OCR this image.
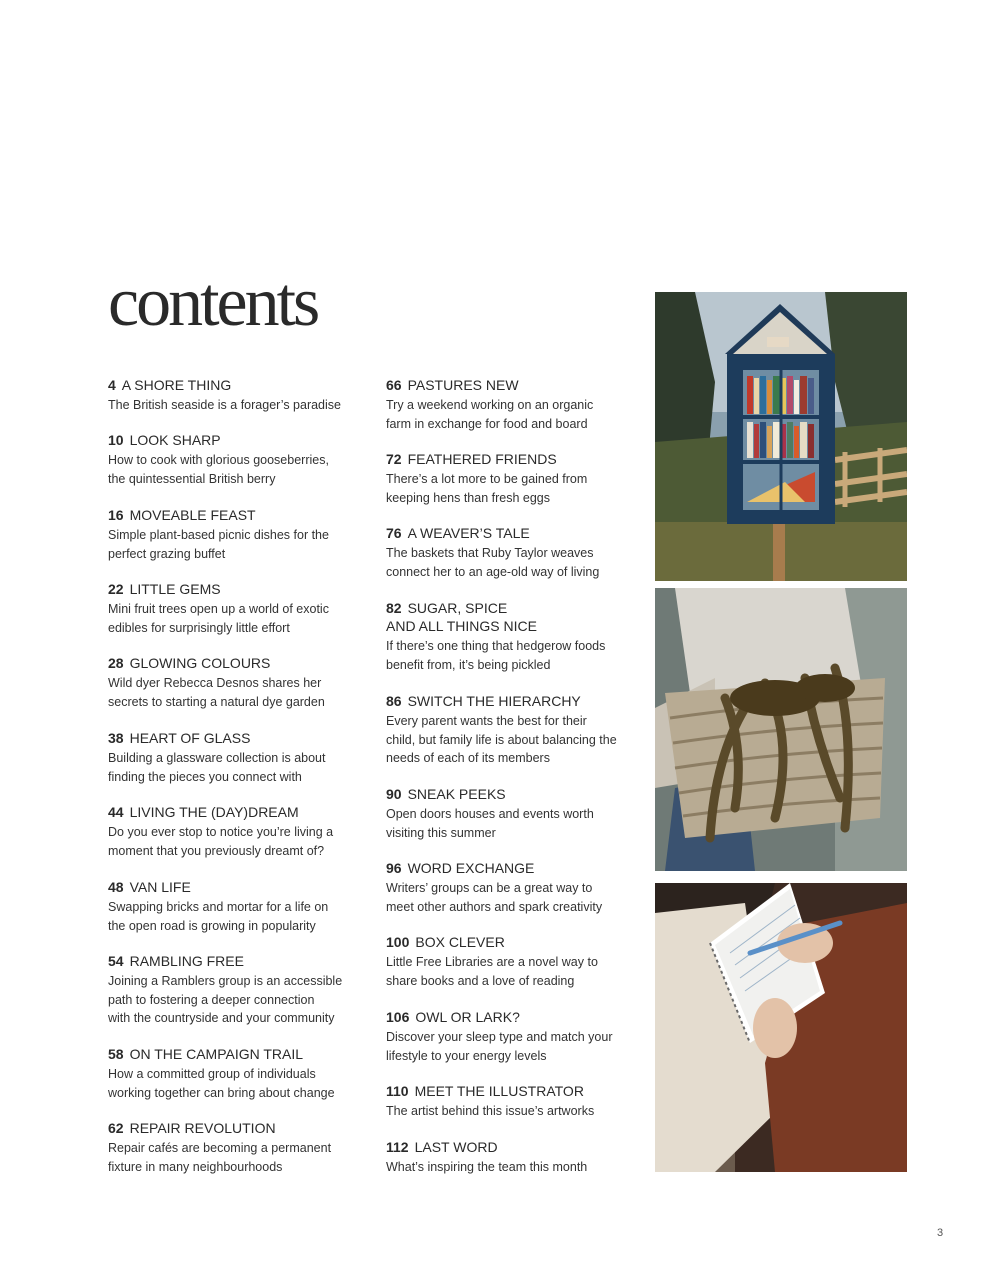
contents
4 A SHORE THING
The British seaside is a forager’s paradise
10 LOOK SHARP
How to cook with glorious gooseberries,
the quintessential British berry
16 MOVEABLE FEAST
Simple plant-based picnic dishes for the
perfect grazing buffet
22 LITTLE GEMS
Mini fruit trees open up a world of exotic
edibles for surprisingly little effort
28 GLOWING COLOURS
Wild dyer Rebecca Desnos shares her
secrets to starting a natural dye garden
38 HEART OF GLASS
Building a glassware collection is about
finding the pieces you connect with
44 LIVING THE (DAY)DREAM
Do you ever stop to notice you’re living a
moment that you previously dreamt of?
48 VAN LIFE
Swapping bricks and mortar for a life on
the open road is growing in popularity
54 RAMBLING FREE
Joining a Ramblers group is an accessible
path to fostering a deeper connection
with the countryside and your community
58 ON THE CAMPAIGN TRAIL
How a committed group of individuals
working together can bring about change
62 REPAIR REVOLUTION
Repair cafés are becoming a permanent
fixture in many neighbourhoods
66 PASTURES NEW
Try a weekend working on an organic
farm in exchange for food and board
72 FEATHERED FRIENDS
There’s a lot more to be gained from
keeping hens than fresh eggs
76 A WEAVER’S TALE
The baskets that Ruby Taylor weaves
connect her to an age-old way of living
82 SUGAR, SPICE
AND ALL THINGS NICE
If there’s one thing that hedgerow foods
benefit from, it’s being pickled
86 SWITCH THE HIERARCHY
Every parent wants the best for their
child, but family life is about balancing the
needs of each of its members
90 SNEAK PEEKS
Open doors houses and events worth
visiting this summer
96 WORD EXCHANGE
Writers’ groups can be a great way to
meet other authors and spark creativity
100 BOX CLEVER
Little Free Libraries are a novel way to
share books and a love of reading
106 OWL OR LARK?
Discover your sleep type and match your
lifestyle to your energy levels
110 MEET THE ILLUSTRATOR
The artist behind this issue’s artworks
112 LAST WORD
What’s inspiring the team this month
3
